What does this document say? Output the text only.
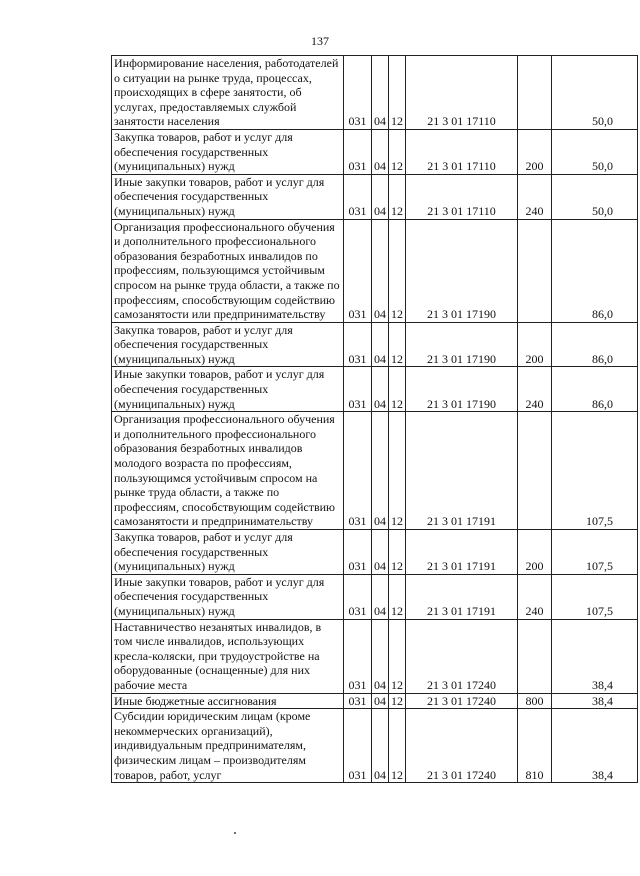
137
Информирование населения, работодателей о ситуации на рынке труда, процессах, происходящих в сфере занятости, об услугах, предоставляемых службой занятости населения	031	04	12	21 3 01 17110		50,0
Закупка товаров, работ и услуг для обеспечения государственных (муниципальных) нужд	031	04	12	21 3 01 17110	200	50,0
Иные закупки товаров, работ и услуг для обеспечения государственных (муниципальных) нужд	031	04	12	21 3 01 17110	240	50,0
Организация профессионального обучения и дополнительного профессионального образования безработных инвалидов по профессиям, пользующимся устойчивым спросом на рынке труда области, а также по профессиям, способствующим содействию самозанятости или предпринимательству	031	04	12	21 3 01 17190		86,0
Закупка товаров, работ и услуг для обеспечения государственных (муниципальных) нужд	031	04	12	21 3 01 17190	200	86,0
Иные закупки товаров, работ и услуг для обеспечения государственных (муниципальных) нужд	031	04	12	21 3 01 17190	240	86,0
Организация профессионального обучения и дополнительного профессионального образования безработных инвалидов молодого возраста по профессиям, пользующимся устойчивым спросом на рынке труда области, а также по профессиям, способствующим содействию самозанятости и предпринимательству	031	04	12	21 3 01 17191		107,5
Закупка товаров, работ и услуг для обеспечения государственных (муниципальных) нужд	031	04	12	21 3 01 17191	200	107,5
Иные закупки товаров, работ и услуг для обеспечения государственных (муниципальных) нужд	031	04	12	21 3 01 17191	240	107,5
Наставничество незанятых инвалидов, в том числе инвалидов, использующих кресла-коляски, при трудоустройстве на оборудованные (оснащенные) для них рабочие места	031	04	12	21 3 01 17240		38,4
Иные бюджетные ассигнования	031	04	12	21 3 01 17240	800	38,4
Субсидии юридическим лицам (кроме некоммерческих организаций), индивидуальным предпринимателям, физическим лицам – производителям товаров, работ, услуг	031	04	12	21 3 01 17240	810	38,4
